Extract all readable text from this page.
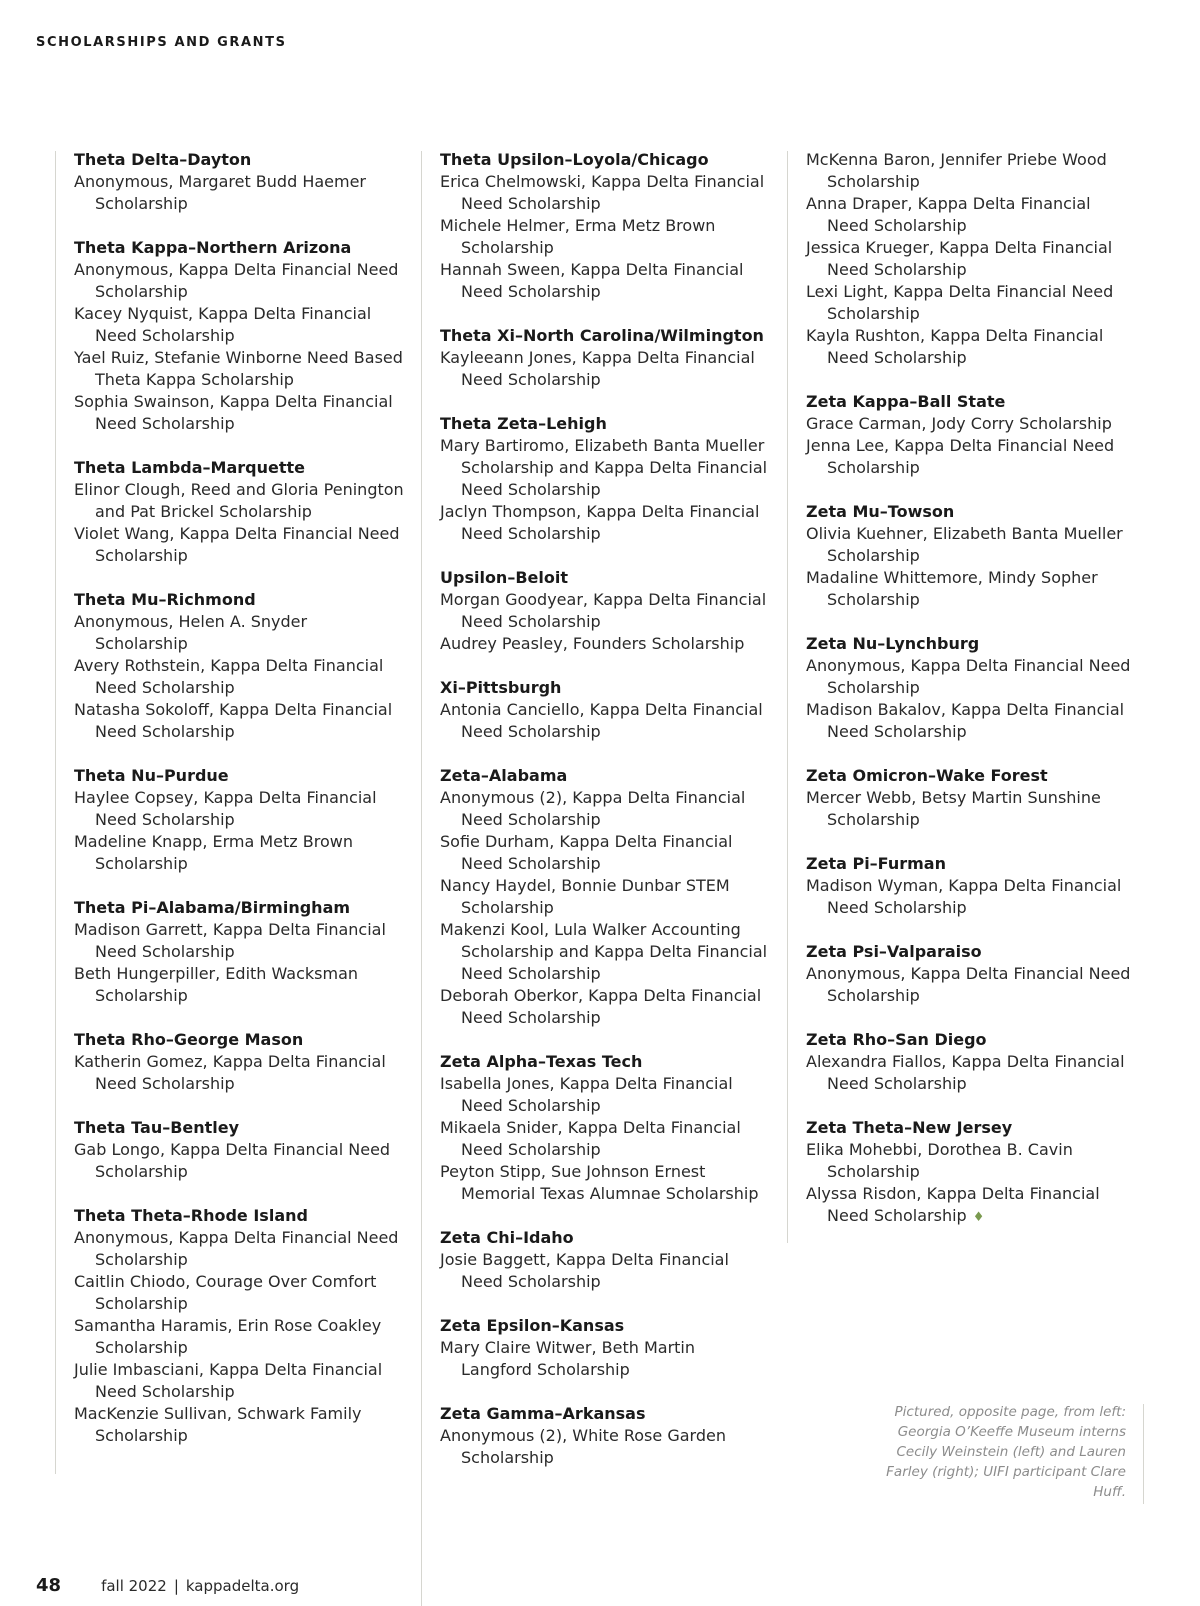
SCHOLARSHIPS AND GRANTS

Theta Delta–Dayton
Anonymous, Margaret Budd Haemer Scholarship
Theta Kappa–Northern Arizona
Anonymous, Kappa Delta Financial Need Scholarship
Kacey Nyquist, Kappa Delta Financial Need Scholarship
Yael Ruiz, Stefanie Winborne Need Based Theta Kappa Scholarship
Sophia Swainson, Kappa Delta Financial Need Scholarship
Theta Lambda–Marquette
Elinor Clough, Reed and Gloria Penington and Pat Brickel Scholarship
Violet Wang, Kappa Delta Financial Need Scholarship
Theta Mu–Richmond
Anonymous, Helen A. Snyder Scholarship
Avery Rothstein, Kappa Delta Financial Need Scholarship
Natasha Sokoloff, Kappa Delta Financial Need Scholarship
Theta Nu–Purdue
Haylee Copsey, Kappa Delta Financial Need Scholarship
Madeline Knapp, Erma Metz Brown Scholarship
Theta Pi–Alabama/Birmingham
Madison Garrett, Kappa Delta Financial Need Scholarship
Beth Hungerpiller, Edith Wacksman Scholarship
Theta Rho–George Mason
Katherin Gomez, Kappa Delta Financial Need Scholarship
Theta Tau–Bentley
Gab Longo, Kappa Delta Financial Need Scholarship
Theta Theta–Rhode Island
Anonymous, Kappa Delta Financial Need Scholarship
Caitlin Chiodo, Courage Over Comfort Scholarship
Samantha Haramis, Erin Rose Coakley Scholarship
Julie Imbasciani, Kappa Delta Financial Need Scholarship
MacKenzie Sullivan, Schwark Family Scholarship
Theta Upsilon–Loyola/Chicago
Erica Chelmowski, Kappa Delta Financial Need Scholarship
Michele Helmer, Erma Metz Brown Scholarship
Hannah Sween, Kappa Delta Financial Need Scholarship
Theta Xi–North Carolina/Wilmington
Kayleeann Jones, Kappa Delta Financial Need Scholarship
Theta Zeta–Lehigh
Mary Bartiromo, Elizabeth Banta Mueller Scholarship and Kappa Delta Financial Need Scholarship
Jaclyn Thompson, Kappa Delta Financial Need Scholarship
Upsilon–Beloit
Morgan Goodyear, Kappa Delta Financial Need Scholarship
Audrey Peasley, Founders Scholarship
Xi–Pittsburgh
Antonia Canciello, Kappa Delta Financial Need Scholarship
Zeta–Alabama
Anonymous (2), Kappa Delta Financial Need Scholarship
Sofie Durham, Kappa Delta Financial Need Scholarship
Nancy Haydel, Bonnie Dunbar STEM Scholarship
Makenzi Kool, Lula Walker Accounting Scholarship and Kappa Delta Financial Need Scholarship
Deborah Oberkor, Kappa Delta Financial Need Scholarship
Zeta Alpha–Texas Tech
Isabella Jones, Kappa Delta Financial Need Scholarship
Mikaela Snider, Kappa Delta Financial Need Scholarship
Peyton Stipp, Sue Johnson Ernest Memorial Texas Alumnae Scholarship
Zeta Chi–Idaho
Josie Baggett, Kappa Delta Financial Need Scholarship
Zeta Epsilon–Kansas
Mary Claire Witwer, Beth Martin Langford Scholarship
Zeta Gamma–Arkansas
Anonymous (2), White Rose Garden Scholarship
McKenna Baron, Jennifer Priebe Wood Scholarship
Anna Draper, Kappa Delta Financial Need Scholarship
Jessica Krueger, Kappa Delta Financial Need Scholarship
Lexi Light, Kappa Delta Financial Need Scholarship
Kayla Rushton, Kappa Delta Financial Need Scholarship
Zeta Kappa–Ball State
Grace Carman, Jody Corry Scholarship
Jenna Lee, Kappa Delta Financial Need Scholarship
Zeta Mu–Towson
Olivia Kuehner, Elizabeth Banta Mueller Scholarship
Madaline Whittemore, Mindy Sopher Scholarship
Zeta Nu–Lynchburg
Anonymous, Kappa Delta Financial Need Scholarship
Madison Bakalov, Kappa Delta Financial Need Scholarship
Zeta Omicron–Wake Forest
Mercer Webb, Betsy Martin Sunshine Scholarship
Zeta Pi–Furman
Madison Wyman, Kappa Delta Financial Need Scholarship
Zeta Psi–Valparaiso
Anonymous, Kappa Delta Financial Need Scholarship
Zeta Rho–San Diego
Alexandra Fiallos, Kappa Delta Financial Need Scholarship
Zeta Theta–New Jersey
Elika Mohebbi, Dorothea B. Cavin Scholarship
Alyssa Risdon, Kappa Delta Financial Need Scholarship ♦

Pictured, opposite page, from left: Georgia O’Keeffe Museum interns Cecily Weinstein (left) and Lauren Farley (right); UIFI participant Clare Huff.

48	fall 2022 | kappadelta.org
